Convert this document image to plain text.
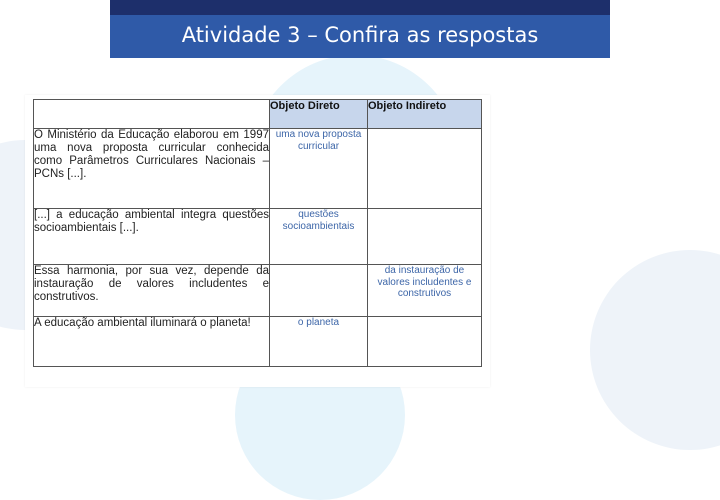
Atividade 3 – Confira as respostas
	Objeto Direto	Objeto Indireto
O Ministério da Educação elaborou em 1997 uma nova proposta curricular conhecida como Parâmetros Curriculares Nacionais – PCNs [...].	uma nova proposta curricular	
[...] a educação ambiental integra questões socioambientais [...].	questões socioambientais	
Essa harmonia, por sua vez, depende da instauração de valores includentes e construtivos.		da instauração de valores includentes e construtivos
A educação ambiental iluminará o planeta!	o planeta	
